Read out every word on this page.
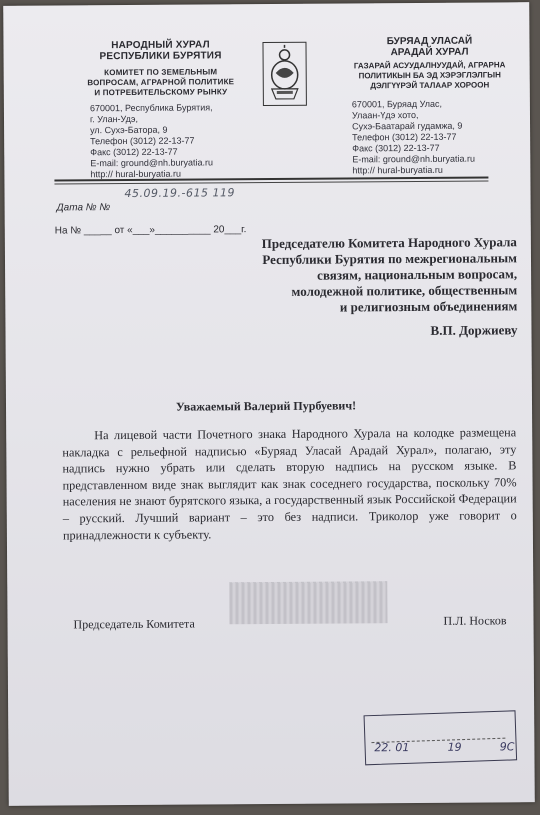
НАРОДНЫЙ ХУРАЛ
РЕСПУБЛИКИ БУРЯТИЯ
КОМИТЕТ ПО ЗЕМЕЛЬНЫМ
ВОПРОСАМ, АГРАРНОЙ ПОЛИТИКЕ
И ПОТРЕБИТЕЛЬСКОМУ РЫНКУ
БУРЯАД УЛАСАЙ
АРАДАЙ ХУРАЛ
ГАЗАРАЙ АСУУДАЛНУУДАЙ, АГРАРНА
ПОЛИТИКЫН БА ЭД ХЭРЭГЛЭЛГЫН
ДЭЛГҮҮРЭЙ ТАЛААР ХОРООН
670001, Республика Бурятия,
г. Улан-Удэ,
ул. Сухэ-Батора, 9
Телефон (3012) 22-13-77
Факс (3012) 22-13-77
E-mail: ground@nh.buryatia.ru
http:// hural-buryatia.ru
670001, Буряад Улас,
Улаан-Үдэ хото,
Сухэ-Баатарай гудамжа, 9
Телефон (3012) 22-13-77
Факс (3012) 22-13-77
E-mail: ground@nh.buryatia.ru
http:// hural-buryatia.ru
45.09.19.-615 119
Дата № №
На № _____ от «___»__________ 20___г.
Председателю Комитета Народного Хурала
Республики Бурятия по межрегиональным
связям, национальным вопросам,
молодежной политике, общественным
и религиозным объединениям
В.П. Доржиеву
Уважаемый Валерий Пурбуевич!
На лицевой части Почетного знака Народного Хурала на колодке размещена накладка с рельефной надписью «Буряад Уласай Арадай Хурал», полагаю, эту надпись нужно убрать или сделать вторую надпись на русском языке. В представленном виде знак выглядит как знак соседнего государства, поскольку 70% населения не знают бурятского языка, а государственный язык Российской Федерации – русский. Лучший вариант – это без надписи. Триколор уже говорит о принадлежности к субъекту.
Председатель Комитета	П.Л. Носков
22. 01	19	9С
